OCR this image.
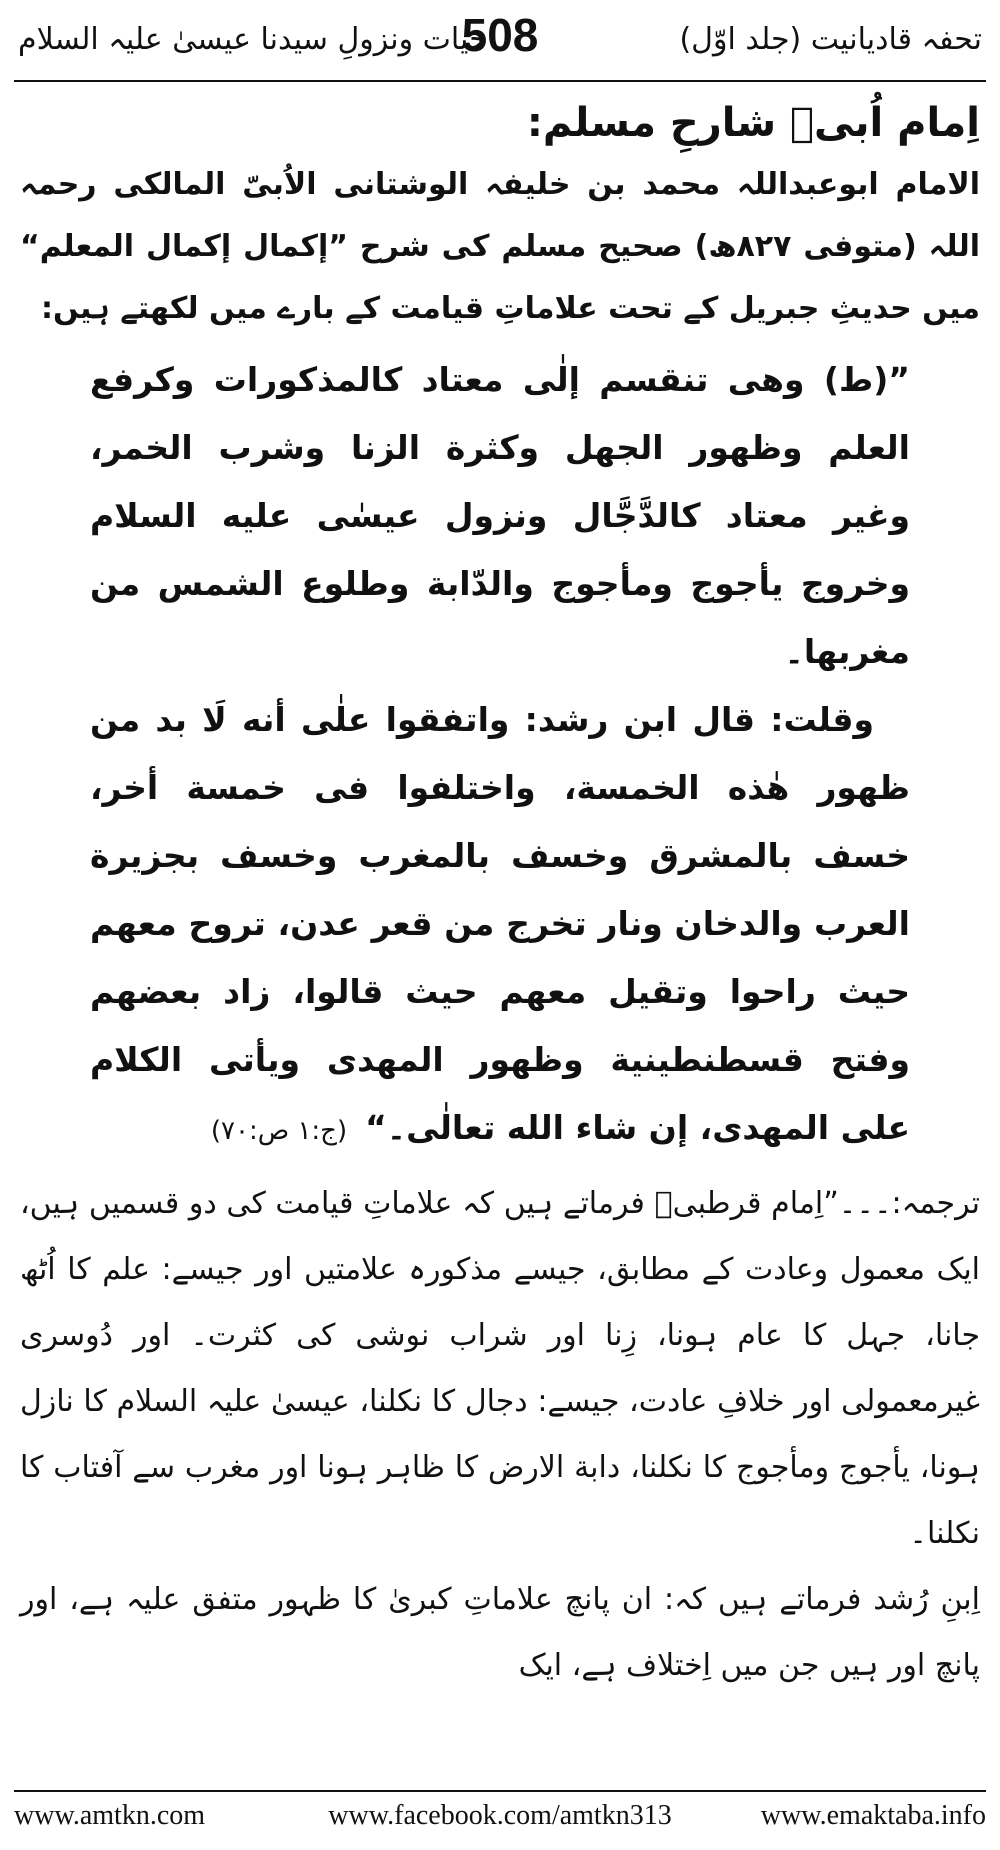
تحفہ قادیانیت (جلد اوّل)
508
حیات ونزولِ سیدنا عیسیٰ علیہ السلام
اِمام اُبیؒ شارحِ مسلم:

الامام ابوعبداللہ محمد بن خلیفہ الوشتانی الاُبیّ المالکی رحمہ اللہ (متوفی ۸۲۷ھ) صحیح مسلم کی شرح ”إکمال إکمال المعلم“ میں حدیثِ جبریل کے تحت علاماتِ قیامت کے بارے میں لکھتے ہیں:

”(ط) وهی تنقسم إلٰى معتاد كالمذكورات وكرفع العلم وظهور الجهل وكثرة الزنا وشرب الخمر، وغير معتاد كالدَّجَّال ونزول عيسٰى عليه السلام وخروج يأجوج ومأجوج والدّابة وطلوع الشمس من مغربها۔

وقلت: قال ابن رشد: واتفقوا علٰى أنه لَا بد من ظهور هٰذه الخمسة، واختلفوا فی خمسة أخر، خسف بالمشرق وخسف بالمغرب وخسف بجزيرة العرب والدخان ونار تخرج من قعر عدن، تروح معهم حيث راحوا وتقيل معهم حيث قالوا، زاد بعضهم وفتح قسطنطينية وظهور المهدی ويأتی الكلام علی المهدی، إن شاء الله تعالٰی۔“(ج:۱ ص:۷۰)

ترجمہ:۔۔۔”اِمام قرطبیؒ فرماتے ہیں کہ علاماتِ قیامت کی دو قسمیں ہیں، ایک معمول وعادت کے مطابق، جیسے مذکورہ علامتیں اور جیسے: علم کا اُٹھ جانا، جہل کا عام ہونا، زِنا اور شراب نوشی کی کثرت۔ اور دُوسری غیرمعمولی اور خلافِ عادت، جیسے: دجال کا نکلنا، عیسیٰ علیہ السلام کا نازل ہونا، یأجوج ومأجوج کا نکلنا، دابة الارض کا ظاہر ہونا اور مغرب سے آفتاب کا نکلنا۔

اِبنِ رُشد فرماتے ہیں کہ: ان پانچ علاماتِ کبریٰ کا ظہور متفق علیہ ہے، اور پانچ اور ہیں جن میں اِختلاف ہے، ایک

www.amtkn.com	www.facebook.com/amtkn313	www.emaktaba.info
